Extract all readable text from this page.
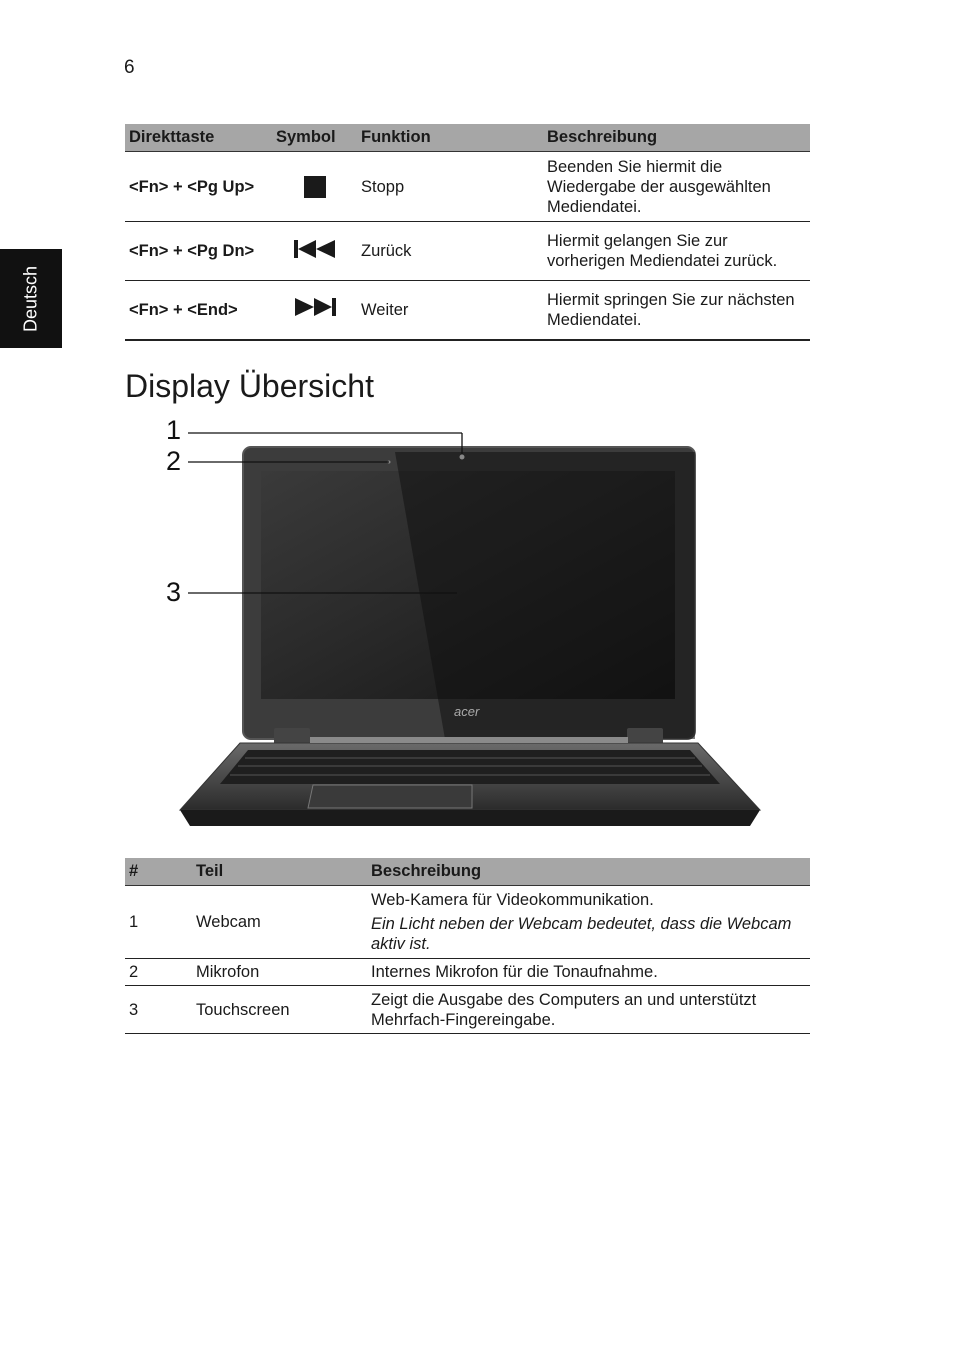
6
Deutsch
Direkttaste	Symbol	Funktion	Beschreibung
<Fn> + <Pg Up>		Stopp	Beenden Sie hiermit die Wiedergabe der ausgewählten Mediendatei.
<Fn> + <Pg Dn>		Zurück	Hiermit gelangen Sie zur vorherigen Mediendatei zurück.
<Fn> + <End>		Weiter	Hiermit springen Sie zur nächsten Mediendatei.
Display Übersicht
1
2
3
acer
#	Teil	Beschreibung
1	Webcam	Web-Kamera für Videokommunikation.
Ein Licht neben der Webcam bedeutet, dass die Webcam aktiv ist.

2	Mikrofon	Internes Mikrofon für die Tonaufnahme.
3	Touchscreen	Zeigt die Ausgabe des Computers an und unterstützt Mehrfach-Fingereingabe.
